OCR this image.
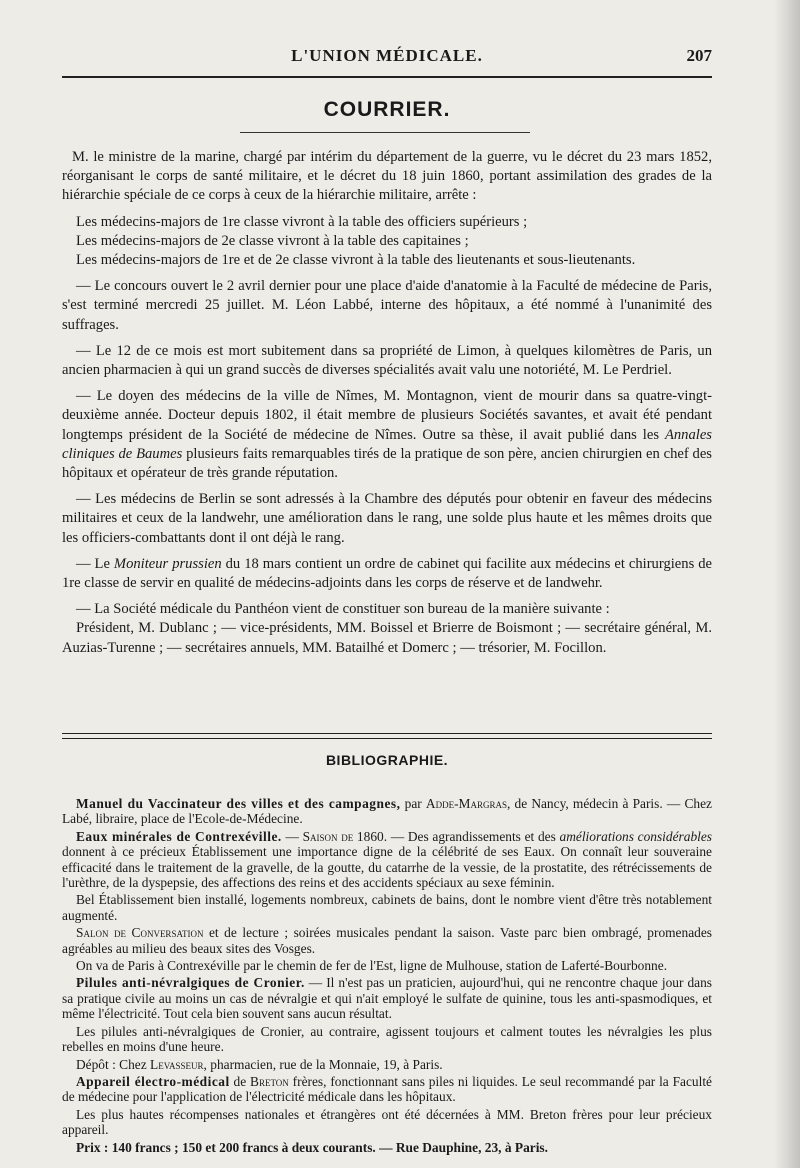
L'UNION MÉDICALE.	207
COURRIER.

M. le ministre de la marine, chargé par intérim du département de la guerre, vu le décret du 23 mars 1852, réorganisant le corps de santé militaire, et le décret du 18 juin 1860, portant assimilation des grades de la hiérarchie spéciale de ce corps à ceux de la hiérarchie militaire, arrête :

Les médecins-majors de 1re classe vivront à la table des officiers supérieurs ;

Les médecins-majors de 2e classe vivront à la table des capitaines ;

Les médecins-majors de 1re et de 2e classe vivront à la table des lieutenants et sous-lieutenants.

— Le concours ouvert le 2 avril dernier pour une place d'aide d'anatomie à la Faculté de médecine de Paris, s'est terminé mercredi 25 juillet. M. Léon Labbé, interne des hôpitaux, a été nommé à l'unanimité des suffrages.

— Le 12 de ce mois est mort subitement dans sa propriété de Limon, à quelques kilomètres de Paris, un ancien pharmacien à qui un grand succès de diverses spécialités avait valu une notoriété, M. Le Perdriel.

— Le doyen des médecins de la ville de Nîmes, M. Montagnon, vient de mourir dans sa quatre-vingt-deuxième année. Docteur depuis 1802, il était membre de plusieurs Sociétés savantes, et avait été pendant longtemps président de la Société de médecine de Nîmes. Outre sa thèse, il avait publié dans les Annales cliniques de Baumes plusieurs faits remarquables tirés de la pratique de son père, ancien chirurgien en chef des hôpitaux et opérateur de très grande réputation.

— Les médecins de Berlin se sont adressés à la Chambre des députés pour obtenir en faveur des médecins militaires et ceux de la landwehr, une amélioration dans le rang, une solde plus haute et les mêmes droits que les officiers-combattants dont il ont déjà le rang.

— Le Moniteur prussien du 18 mars contient un ordre de cabinet qui facilite aux médecins et chirurgiens de 1re classe de servir en qualité de médecins-adjoints dans les corps de réserve et de landwehr.

— La Société médicale du Panthéon vient de constituer son bureau de la manière suivante :

Président, M. Dublanc ; — vice-présidents, MM. Boissel et Brierre de Boismont ; — secrétaire général, M. Auzias-Turenne ; — secrétaires annuels, MM. Batailhé et Domerc ; — trésorier, M. Focillon.

BIBLIOGRAPHIE.

Manuel du Vaccinateur des villes et des campagnes, par Adde-Margras, de Nancy, médecin à Paris. — Chez Labé, libraire, place de l'Ecole-de-Médecine.

Eaux minérales de Contrexéville. — Saison de 1860. — Des agrandissements et des améliorations considérables donnent à ce précieux Établissement une importance digne de la célébrité de ses Eaux. On connaît leur souveraine efficacité dans le traitement de la gravelle, de la goutte, du catarrhe de la vessie, de la prostatite, des rétrécissements de l'urèthre, de la dyspepsie, des affections des reins et des accidents spéciaux au sexe féminin.

Bel Établissement bien installé, logements nombreux, cabinets de bains, dont le nombre vient d'être très notablement augmenté.

Salon de Conversation et de lecture ; soirées musicales pendant la saison. Vaste parc bien ombragé, promenades agréables au milieu des beaux sites des Vosges.

On va de Paris à Contrexéville par le chemin de fer de l'Est, ligne de Mulhouse, station de Laferté-Bourbonne.

Pilules anti-névralgiques de Cronier. — Il n'est pas un praticien, aujourd'hui, qui ne rencontre chaque jour dans sa pratique civile au moins un cas de névralgie et qui n'ait employé le sulfate de quinine, tous les anti-spasmodiques, et même l'électricité. Tout cela bien souvent sans aucun résultat.

Les pilules anti-névralgiques de Cronier, au contraire, agissent toujours et calment toutes les névralgies les plus rebelles en moins d'une heure.

Dépôt : Chez Levasseur, pharmacien, rue de la Monnaie, 19, à Paris.

Appareil électro-médical de Breton frères, fonctionnant sans piles ni liquides. Le seul recommandé par la Faculté de médecine pour l'application de l'électricité médicale dans les hôpitaux.

Les plus hautes récompenses nationales et étrangères ont été décernées à MM. Breton frères pour leur précieux appareil.

Prix : 140 francs ; 150 et 200 francs à deux courants. — Rue Dauphine, 23, à Paris.
